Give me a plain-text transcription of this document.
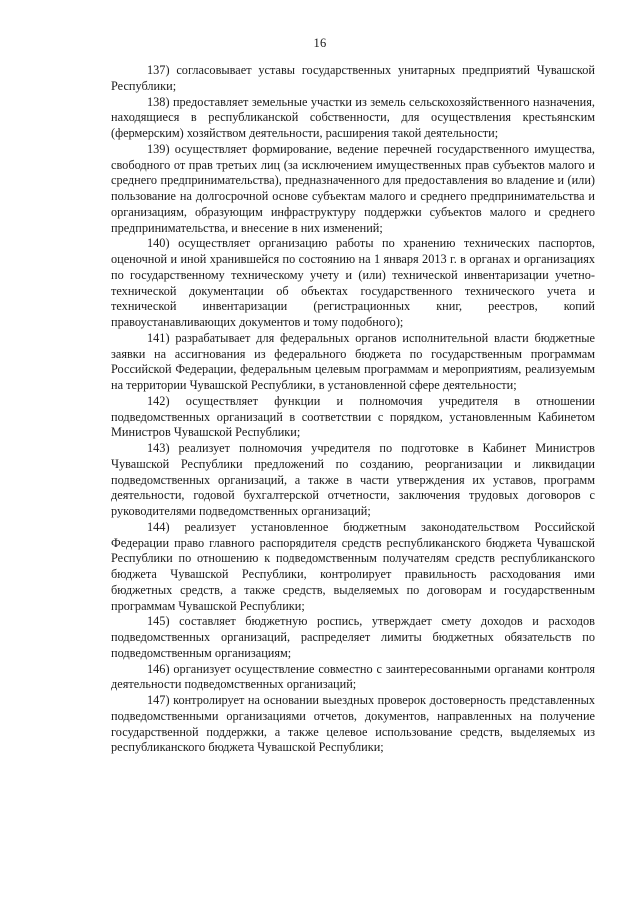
16

137) согласовывает уставы государственных унитарных предприятий Чувашской Республики;

138) предоставляет земельные участки из земель сельскохозяйственного назначения, находящиеся в республиканской собственности, для осуществления крестьянским (фермерским) хозяйством деятельности, расширения такой деятельности;

139) осуществляет формирование, ведение перечней государственного имущества, свободного от прав третьих лиц (за исключением имущественных прав субъектов малого и среднего предпринимательства), предназначенного для предоставления во владение и (или) пользование на долгосрочной основе субъектам малого и среднего предпринимательства и организациям, образующим инфраструктуру поддержки субъектов малого и среднего предпринимательства, и внесение в них изменений;

140) осуществляет организацию работы по хранению технических паспортов, оценочной и иной хранившейся по состоянию на 1 января 2013 г. в органах и организациях по государственному техническому учету и (или) технической инвентаризации учетно-технической документации об объектах государственного технического учета и технической инвентаризации (регистрационных книг, реестров, копий правоустанавливающих документов и тому подобного);

141) разрабатывает для федеральных органов исполнительной власти бюджетные заявки на ассигнования из федерального бюджета по государственным программам Российской Федерации, федеральным целевым программам и мероприятиям, реализуемым на территории Чувашской Республики, в установленной сфере деятельности;

142) осуществляет функции и полномочия учредителя в отношении подведомственных организаций в соответствии с порядком, установленным Кабинетом Министров Чувашской Республики;

143) реализует полномочия учредителя по подготовке в Кабинет Министров Чувашской Республики предложений по созданию, реорганизации и ликвидации подведомственных организаций, а также в части утверждения их уставов, программ деятельности, годовой бухгалтерской отчетности, заключения трудовых договоров с руководителями подведомственных организаций;

144) реализует установленное бюджетным законодательством Российской Федерации право главного распорядителя средств республиканского бюджета Чувашской Республики по отношению к подведомственным получателям средств республиканского бюджета Чувашской Республики, контролирует правильность расходования ими бюджетных средств, а также средств, выделяемых по договорам и государственным программам Чувашской Республики;

145) составляет бюджетную роспись, утверждает смету доходов и расходов подведомственных организаций, распределяет лимиты бюджетных обязательств по подведомственным организациям;

146) организует осуществление совместно с заинтересованными органами контроля деятельности подведомственных организаций;

147) контролирует на основании выездных проверок достоверность представленных подведомственными организациями отчетов, документов, направленных на получение государственной поддержки, а также целевое использование средств, выделяемых из республиканского бюджета Чувашской Республики;
